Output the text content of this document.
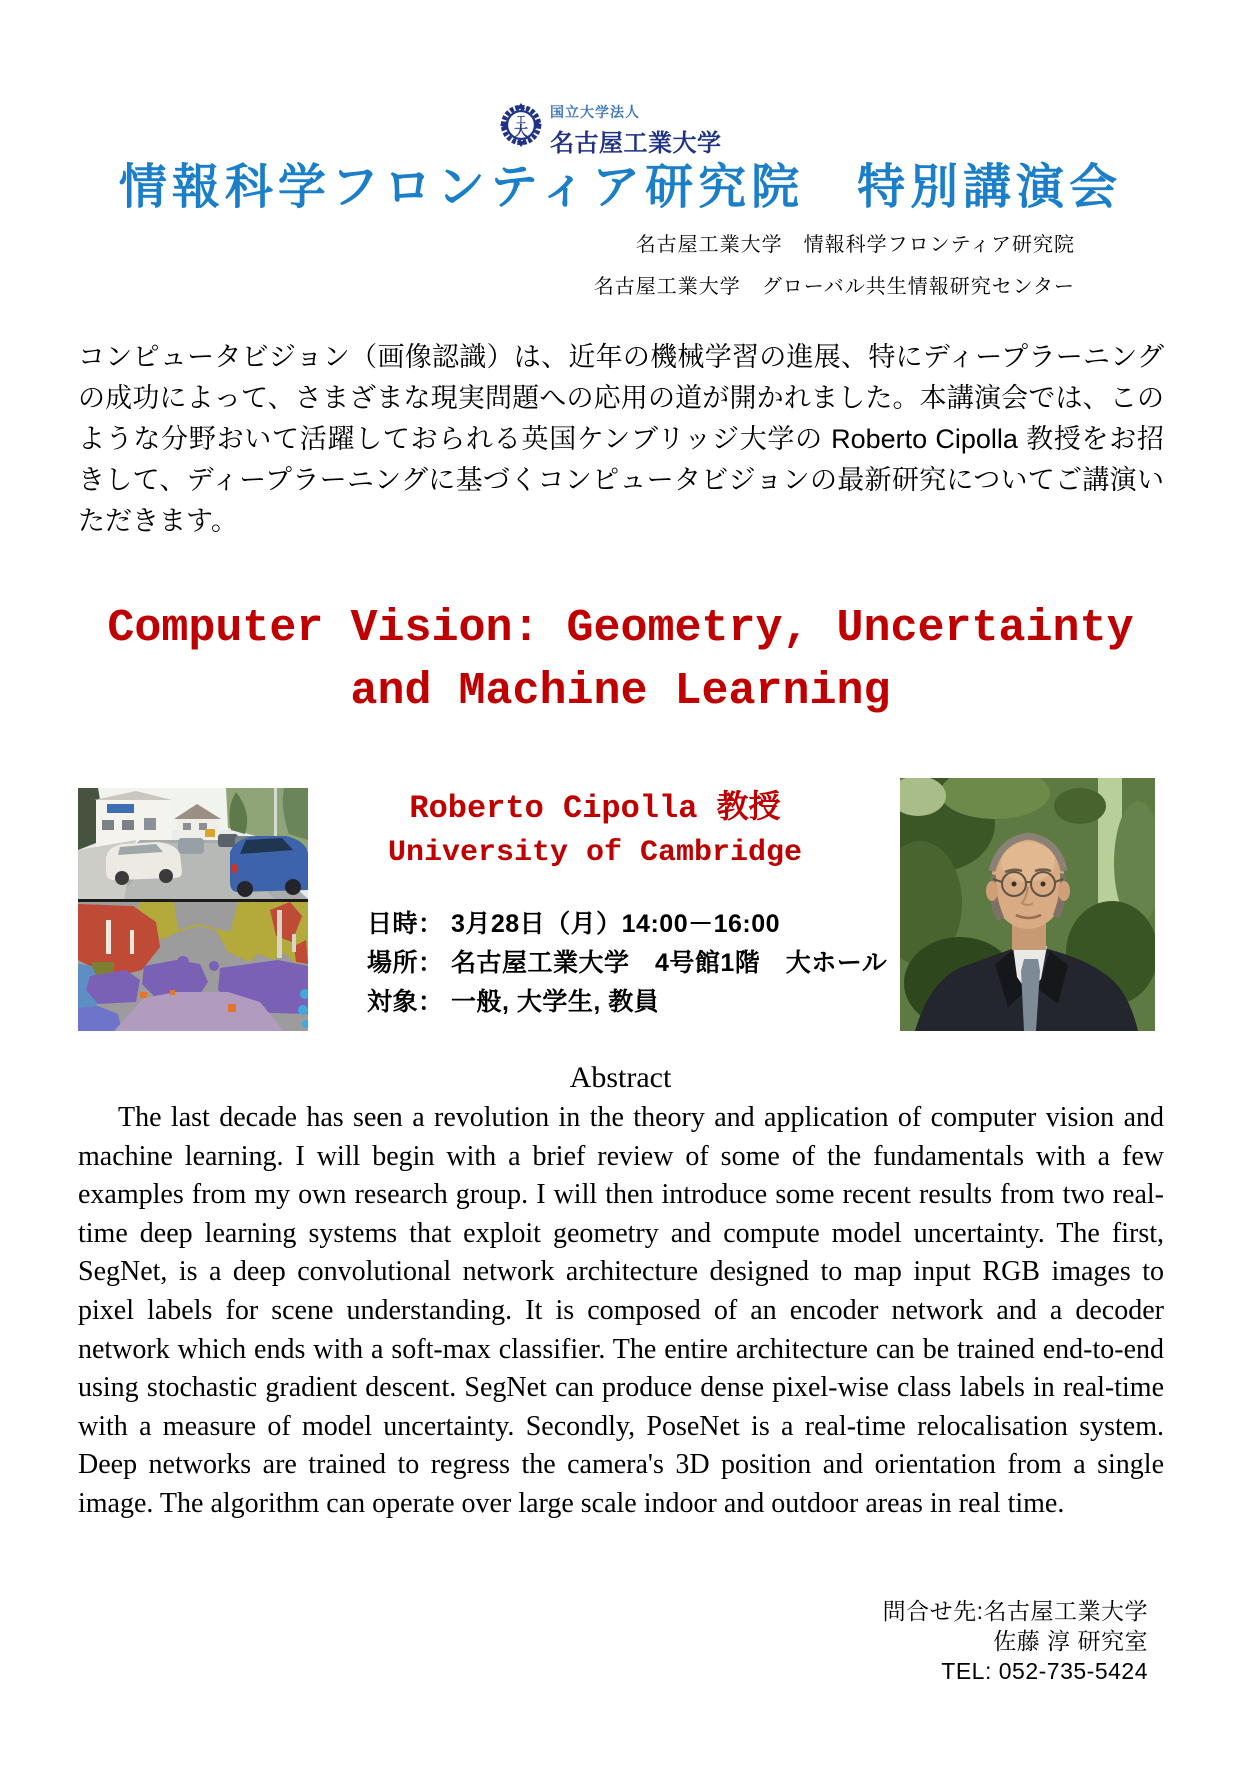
工
大
国立大学法人
名古屋工業大学
情報科学フロンティア研究院　特別講演会
名古屋工業大学　情報科学フロンティア研究院
名古屋工業大学　グローバル共生情報研究センター
コンピュータビジョン（画像認識）は、近年の機械学習の進展、特にディープラーニングの成功によって、さまざまな現実問題への応用の道が開かれました。本講演会では、このような分野おいて活躍しておられる英国ケンブリッジ大学の Roberto Cipolla 教授をお招きして、ディープラーニングに基づくコンピュータビジョンの最新研究についてご講演いただきます。
Computer Vision: Geometry, Uncertainty
and Machine Learning
Roberto Cipolla 教授
University of Cambridge
日時： 3月28日（月）14:00－16:00
場所： 名古屋工業大学　4号館1階　大ホール
対象： 一般, 大学生, 教員
Abstract
The last decade has seen a revolution in the theory and application of computer vision and machine learning. I will begin with a brief review of some of the fundamentals with a few examples from my own research group. I will then introduce some recent results from two real-time deep learning systems that exploit geometry and compute model uncertainty. The first, SegNet, is a deep convolutional network architecture designed to map input RGB images to pixel labels for scene understanding. It is composed of an encoder network and a decoder network which ends with a soft-max classifier. The entire architecture can be trained end-to-end using stochastic gradient descent. SegNet can produce dense pixel-wise class labels in real-time with a measure of model uncertainty. Secondly, PoseNet is a real-time relocalisation system. Deep networks are trained to regress the camera's 3D position and orientation from a single image. The algorithm can operate over large scale indoor and outdoor areas in real time.
問合せ先:名古屋工業大学
佐藤 淳 研究室
TEL: 052-735-5424
